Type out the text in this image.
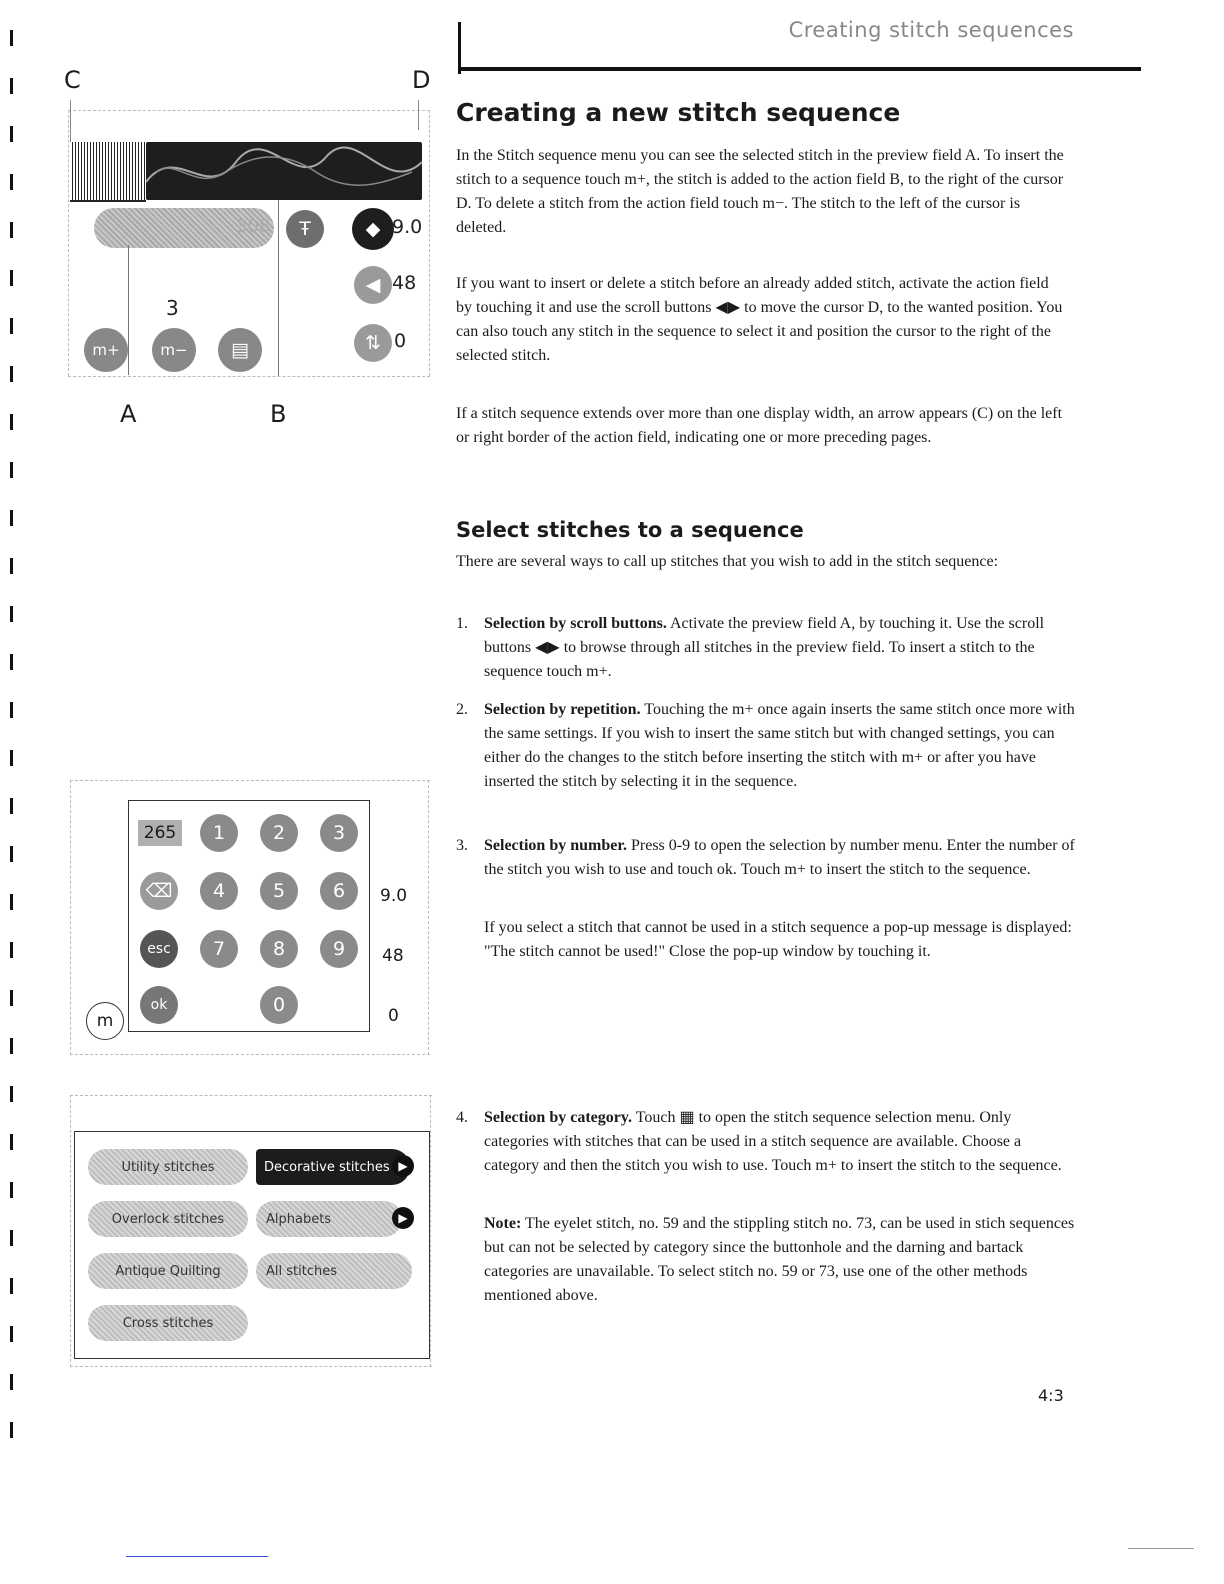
Creating stitch sequences
Creating a new stitch sequence

In the Stitch sequence menu you can see the selected stitch in the preview field A. To insert the stitch to a sequence touch m+, the stitch is added to the action field B, to the right of the cursor D. To delete a stitch from the action field touch m−. The stitch to the left of the cursor is deleted.

If you want to insert or delete a stitch before an already added stitch, activate the action field by touching it and use the scroll buttons ◀▶ to move the cursor D, to the wanted position. You can also touch any stitch in the sequence to select it and position the cursor to the right of the selected stitch.

If a stitch sequence extends over more than one display width, an arrow appears (C) on the left or right border of the action field, indicating one or more preceding pages.

Select stitches to a sequence

There are several ways to call up stitches that you wish to add in the stitch sequence:

1. Selection by scroll buttons. Activate the preview field A, by touching it. Use the scroll buttons ◀▶ to browse through all stitches in the preview field. To insert a stitch to the sequence touch m+.
2. Selection by repetition. Touching the m+ once again inserts the same stitch once more with the same settings. If you wish to insert the same stitch but with changed settings, you can either do the changes to the stitch before inserting the stitch with m+ or after you have inserted the stitch by selecting it in the sequence.
3. Selection by number. Press 0-9 to open the selection by number menu. Enter the number of the stitch you wish to use and touch ok. Touch m+ to insert the stitch to the sequence.
If you select a stitch that cannot be used in a stitch sequence a pop-up message is displayed: "The stitch cannot be used!" Close the pop-up window by touching it.
4. Selection by category. Touch ▦ to open the stitch sequence selection menu. Only categories with stitches that can be used in a stitch sequence are available. Choose a category and then the stitch you wish to use. Touch m+ to insert the stitch to the sequence.
Note: The eyelet stitch, no. 59 and the stippling stitch no. 73, can be used in stich sequences but can not be selected by category since the buttonhole and the darning and bartack categories are unavailable. To select stitch no. 59 or 73, use one of the other methods mentioned above.
4:3
C	D
308 Ŧ	◆ 9.0
◀ 48
⇅ 0
3
m+	m− ▤
A	B
265	1	2	3
⌫	4	5	6
esc	7	8	9
ok	0
9.0
48
0
m
Utility stitches	Decorative stitches ▶
Overlock stitches	Alphabets	▶
Antique Quilting	All stitches
Cross stitches
